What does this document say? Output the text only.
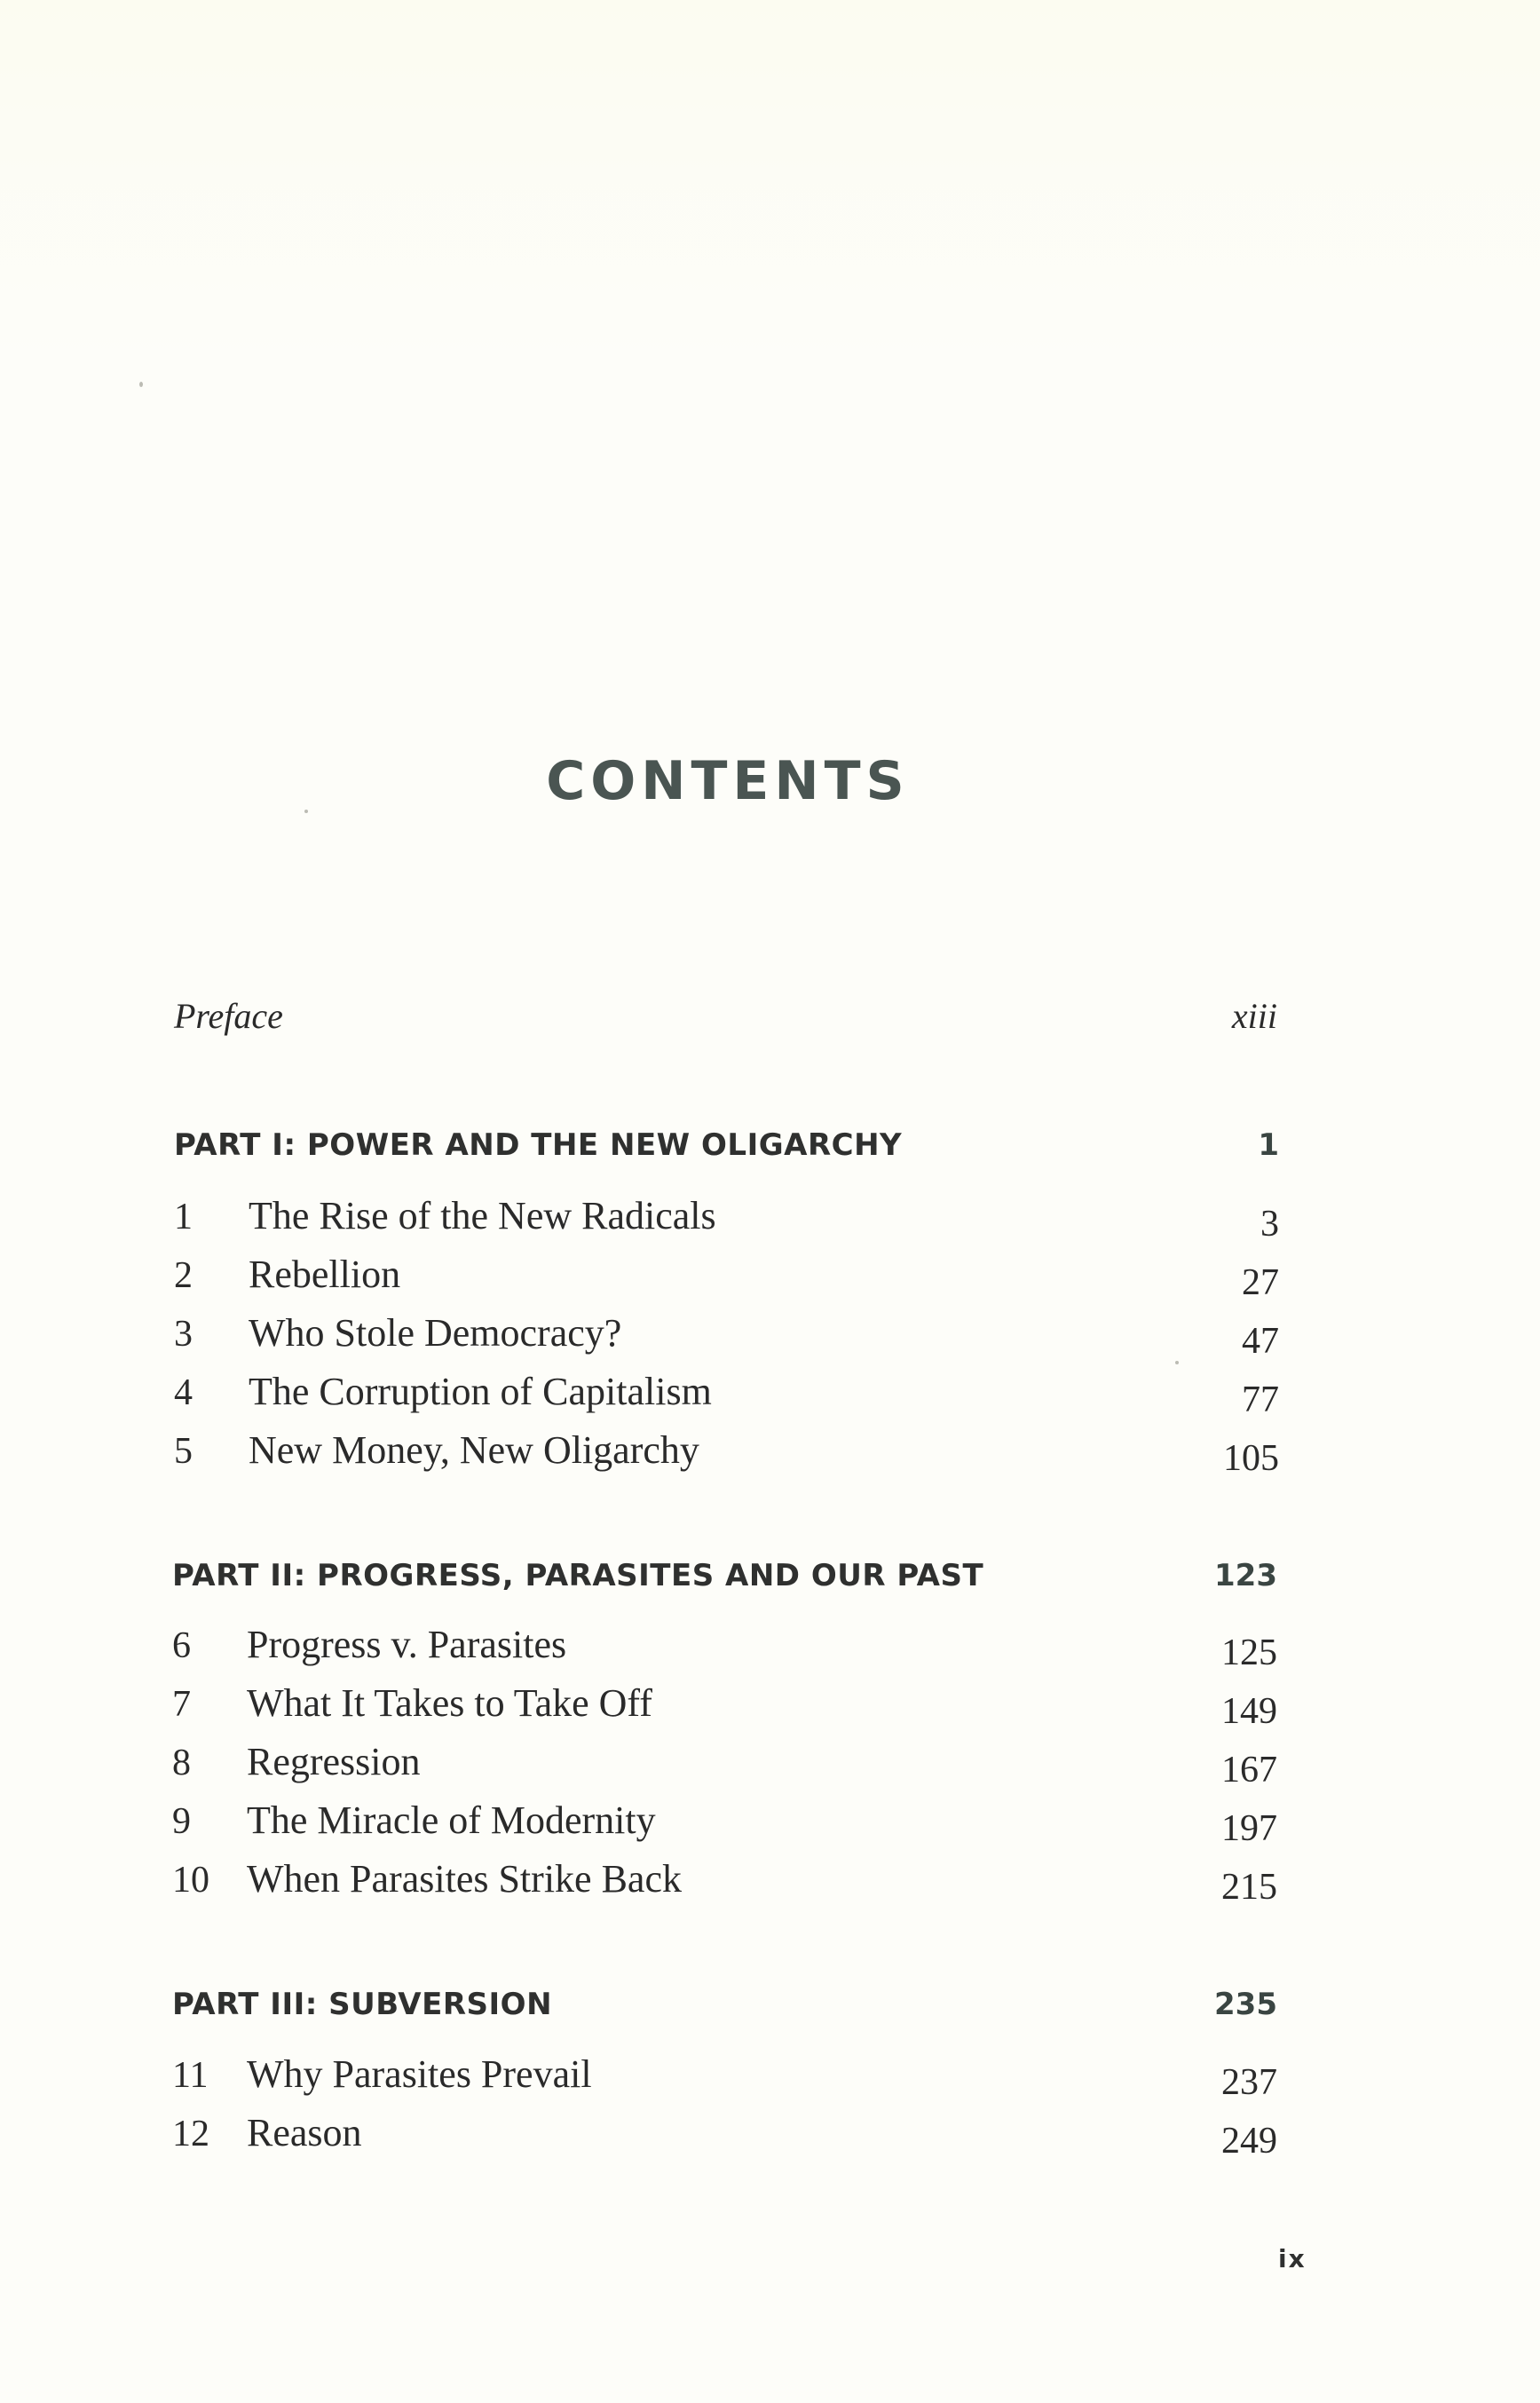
CONTENTS
Preface	xiii
PART I: POWER AND THE NEW OLIGARCHY	1
1 The Rise of the New Radicals	3
2 Rebellion	27
3 Who Stole Democracy?	47
4 The Corruption of Capitalism	77
5 New Money, New Oligarchy	105
PART II: PROGRESS, PARASITES AND OUR PAST	123
6 Progress v. Parasites	125
7 What It Takes to Take Off	149
8 Regression	167
9 The Miracle of Modernity	197
10 When Parasites Strike Back	215
PART III: SUBVERSION	235
11 Why Parasites Prevail	237
12 Reason	249
ix
